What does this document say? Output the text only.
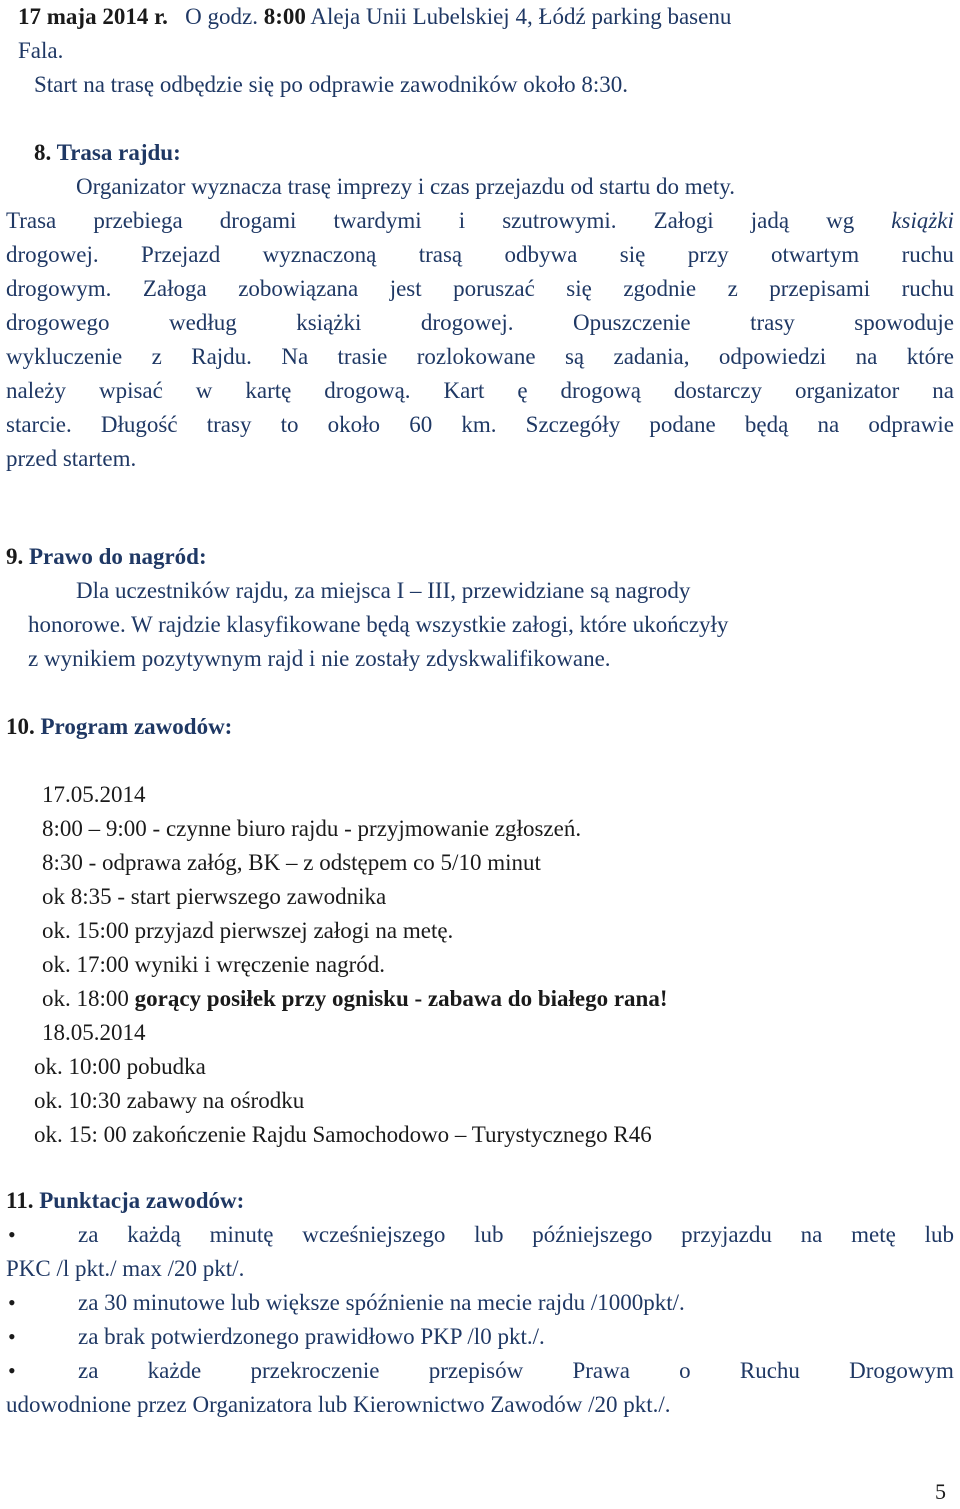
17 maja 2014 r.   O godz. 8:00 Aleja Unii Lubelskiej 4, Łódź parking basenu
Fala.
Start na trasę odbędzie się po odprawie zawodników około 8:30.
8. Trasa rajdu:
Organizator wyznacza trasę imprezy i czas przejazdu od startu do mety.
Trasa przebiega drogami twardymi i szutrowymi. Załogi jadą wg książki
drogowej. Przejazd wyznaczoną trasą odbywa się przy otwartym ruchu
drogowym. Załoga zobowiązana jest poruszać się zgodnie z przepisami ruchu
drogowego	według	książki	drogowej.	Opuszczenie	trasy	spowoduje
wykluczenie z Rajdu. Na trasie rozlokowane są zadania, odpowiedzi na które
należy wpisać w kartę drogową. Kart ę drogową dostarczy organizator na
starcie. Długość trasy to około 60 km. Szczegóły podane będą na odprawie
przed startem.
9. Prawo do nagród:
Dla uczestników rajdu, za miejsca I – III, przewidziane są nagrody
honorowe. W rajdzie klasyfikowane będą wszystkie załogi, które ukończyły
z wynikiem pozytywnym rajd i nie zostały zdyskwalifikowane.
10. Program zawodów:
17.05.2014
8:00 – 9:00 - czynne biuro rajdu - przyjmowanie zgłoszeń.
8:30 - odprawa załóg, BK – z odstępem co 5/10 minut
ok 8:35 - start pierwszego zawodnika
ok. 15:00 przyjazd pierwszej załogi na metę.
ok. 17:00 wyniki i wręczenie nagród.
ok. 18:00 gorący posiłek przy ognisku - zabawa do białego rana!
18.05.2014
ok. 10:00 pobudka
ok. 10:30 zabawy na ośrodku
ok. 15: 00 zakończenie Rajdu Samochodowo – Turystycznego R46
11. Punktacja zawodów:
•	za każdą minutę wcześniejszego lub późniejszego przyjazdu na metę lub
PKC /l pkt./ max /20 pkt/.
•	za 30 minutowe lub większe spóźnienie na mecie rajdu /1000pkt/.
•	za brak potwierdzonego prawidłowo PKP /l0 pkt./.
•	za każde przekroczenie przepisów Prawa o Ruchu Drogowym
udowodnione przez Organizatora lub Kierownictwo Zawodów /20 pkt./.
5
